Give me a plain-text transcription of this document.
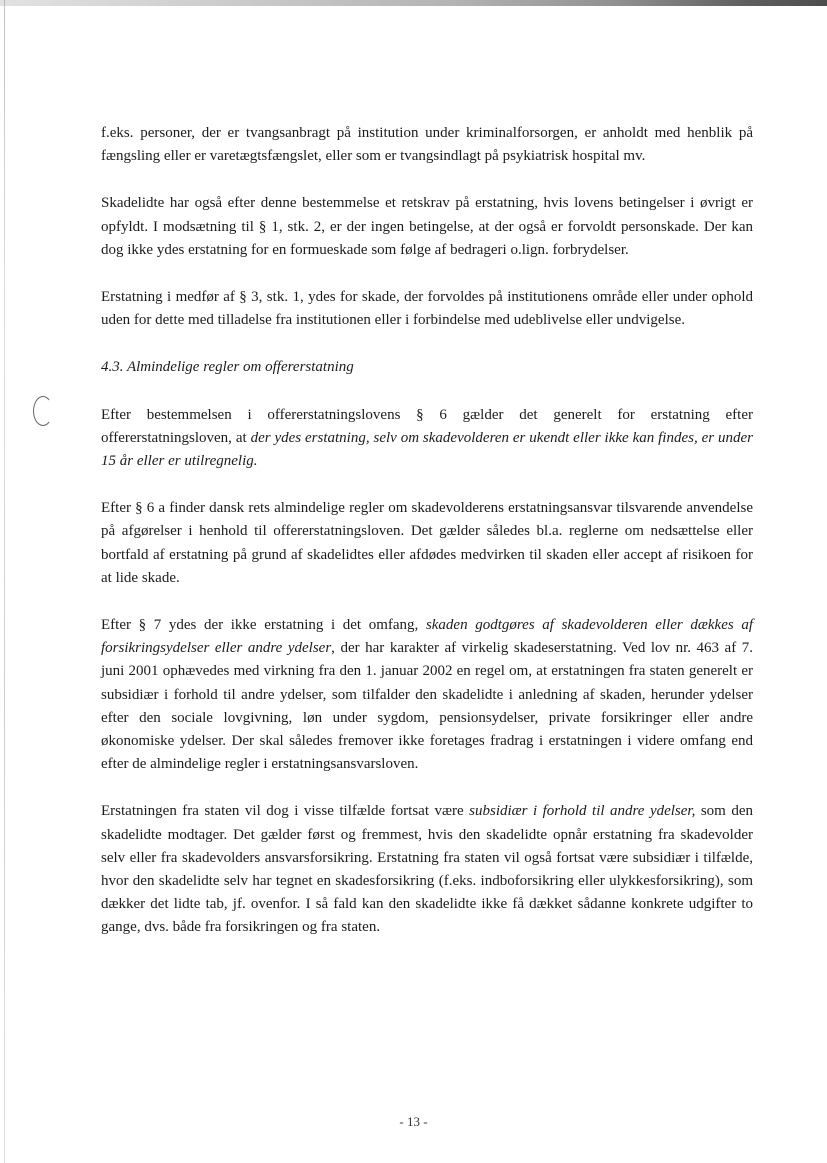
f.eks. personer, der er tvangsanbragt på institution under kriminalforsorgen, er anholdt med henblik på fængsling eller er varetægtsfængslet, eller som er tvangsindlagt på psykiatrisk hospital mv.

Skadelidte har også efter denne bestemmelse et retskrav på erstatning, hvis lovens betingelser i øvrigt er opfyldt. I modsætning til § 1, stk. 2, er der ingen betingelse, at der også er forvoldt personskade. Der kan dog ikke ydes erstatning for en formueskade som følge af bedrageri o.lign. forbrydelser.

Erstatning i medfør af § 3, stk. 1, ydes for skade, der forvoldes på institutionens område eller under ophold uden for dette med tilladelse fra institutionen eller i forbindelse med udeblivelse eller undvigelse.

4.3. Almindelige regler om offererstatning

Efter bestemmelsen i offererstatningslovens § 6 gælder det generelt for erstatning efter offererstatningsloven, at der ydes erstatning, selv om skadevolderen er ukendt eller ikke kan findes, er under 15 år eller er utilregnelig.

Efter § 6 a finder dansk rets almindelige regler om skadevolderens erstatningsansvar tilsvarende anvendelse på afgørelser i henhold til offererstatningsloven. Det gælder således bl.a. reglerne om nedsættelse eller bortfald af erstatning på grund af skadelidtes eller afdødes medvirken til skaden eller accept af risikoen for at lide skade.

Efter § 7 ydes der ikke erstatning i det omfang, skaden godtgøres af skadevolderen eller dækkes af forsikringsydelser eller andre ydelser, der har karakter af virkelig skadeserstatning. Ved lov nr. 463 af 7. juni 2001 ophævedes med virkning fra den 1. januar 2002 en regel om, at erstatningen fra staten generelt er subsidiær i forhold til andre ydelser, som tilfalder den skadelidte i anledning af skaden, herunder ydelser efter den sociale lovgivning, løn under sygdom, pensionsydelser, private forsikringer eller andre økonomiske ydelser. Der skal således fremover ikke foretages fradrag i erstatningen i videre omfang end efter de almindelige regler i erstatningsansvarsloven.

Erstatningen fra staten vil dog i visse tilfælde fortsat være subsidiær i forhold til andre ydelser, som den skadelidte modtager. Det gælder først og fremmest, hvis den skadelidte opnår erstatning fra skadevolder selv eller fra skadevolders ansvarsforsikring. Erstatning fra staten vil også fortsat være subsidiær i tilfælde, hvor den skadelidte selv har tegnet en skadesforsikring (f.eks. indboforsikring eller ulykkesforsikring), som dækker det lidte tab, jf. ovenfor. I så fald kan den skadelidte ikke få dækket sådanne konkrete udgifter to gange, dvs. både fra forsikringen og fra staten.

- 13 -
